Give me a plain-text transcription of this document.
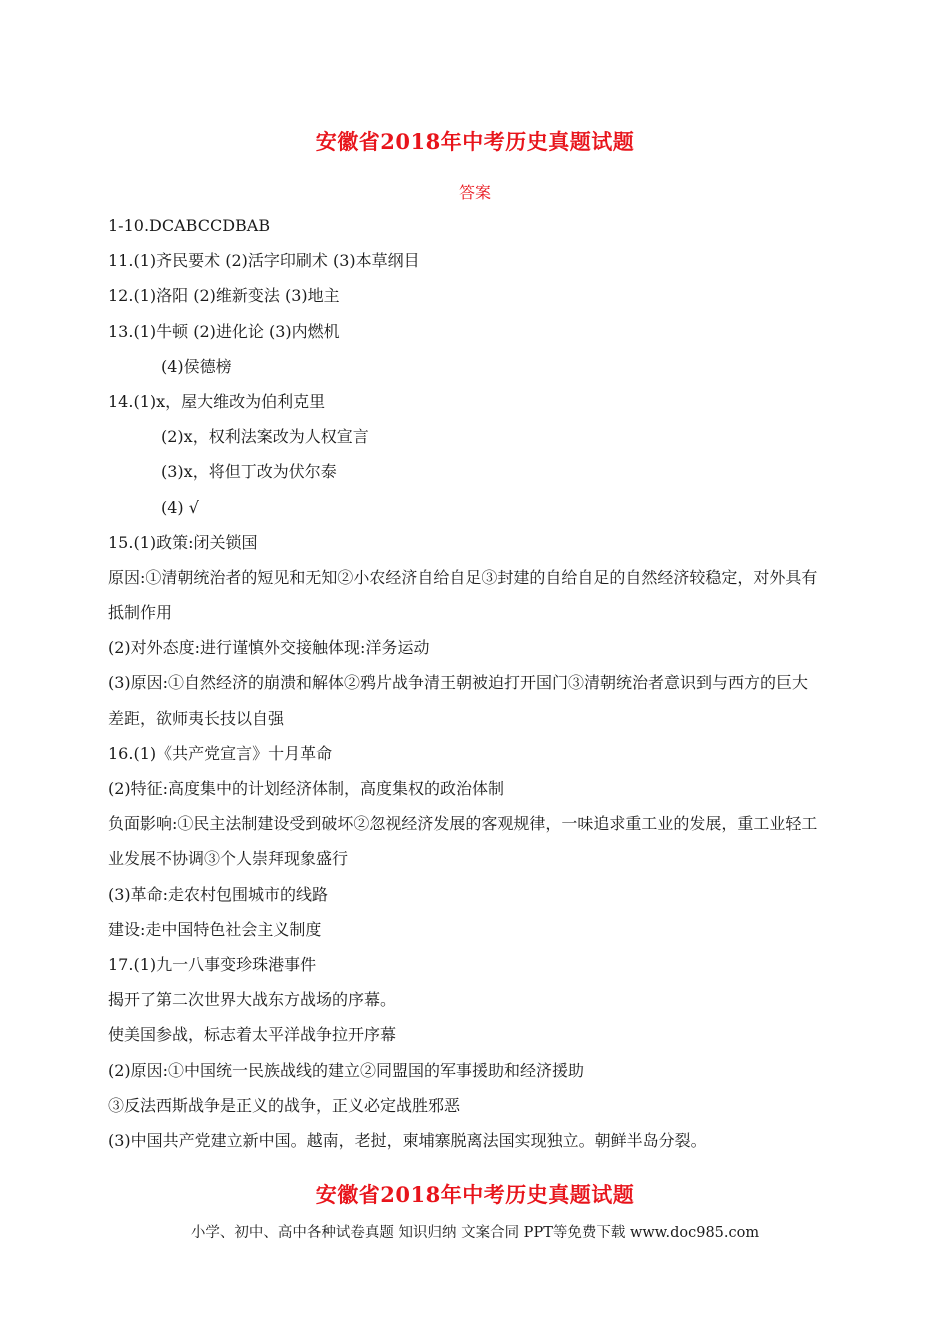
安徽省2018年中考历史真题试题
答案
1-10.DCABCCDBAB
11.(1)齐民要术 (2)活字印刷术 (3)本草纲目
12.(1)洛阳 (2)维新变法 (3)地主
13.(1)牛顿 (2)进化论 (3)内燃机
(4)侯德榜
14.(1)x，屋大维改为伯利克里
(2)x，权利法案改为人权宣言
(3)x，将但丁改为伏尔泰
(4) √
15.(1)政策:闭关锁国
原因:①清朝统治者的短见和无知②小农经济自给自足③封建的自给自足的自然经济较稳定，对外具有
抵制作用
(2)对外态度:进行谨慎外交接触体现:洋务运动
(3)原因:①自然经济的崩溃和解体②鸦片战争清王朝被迫打开国门③清朝统治者意识到与西方的巨大
差距，欲师夷长技以自强
16.(1)《共产党宣言》十月革命
(2)特征:高度集中的计划经济体制，高度集权的政治体制
负面影响:①民主法制建设受到破坏②忽视经济发展的客观规律，一味追求重工业的发展，重工业轻工
业发展不协调③个人崇拜现象盛行
(3)革命:走农村包围城市的线路
建设:走中国特色社会主义制度
17.(1)九一八事变珍珠港事件
揭开了第二次世界大战东方战场的序幕。
使美国参战，标志着太平洋战争拉开序幕
(2)原因:①中国统一民族战线的建立②同盟国的军事援助和经济援助
③反法西斯战争是正义的战争，正义必定战胜邪恶
(3)中国共产党建立新中国。越南，老挝，柬埔寨脱离法国实现独立。朝鲜半岛分裂。
安徽省2018年中考历史真题试题
小学、初中、高中各种试卷真题 知识归纳 文案合同 PPT等免费下载 www.doc985.com
